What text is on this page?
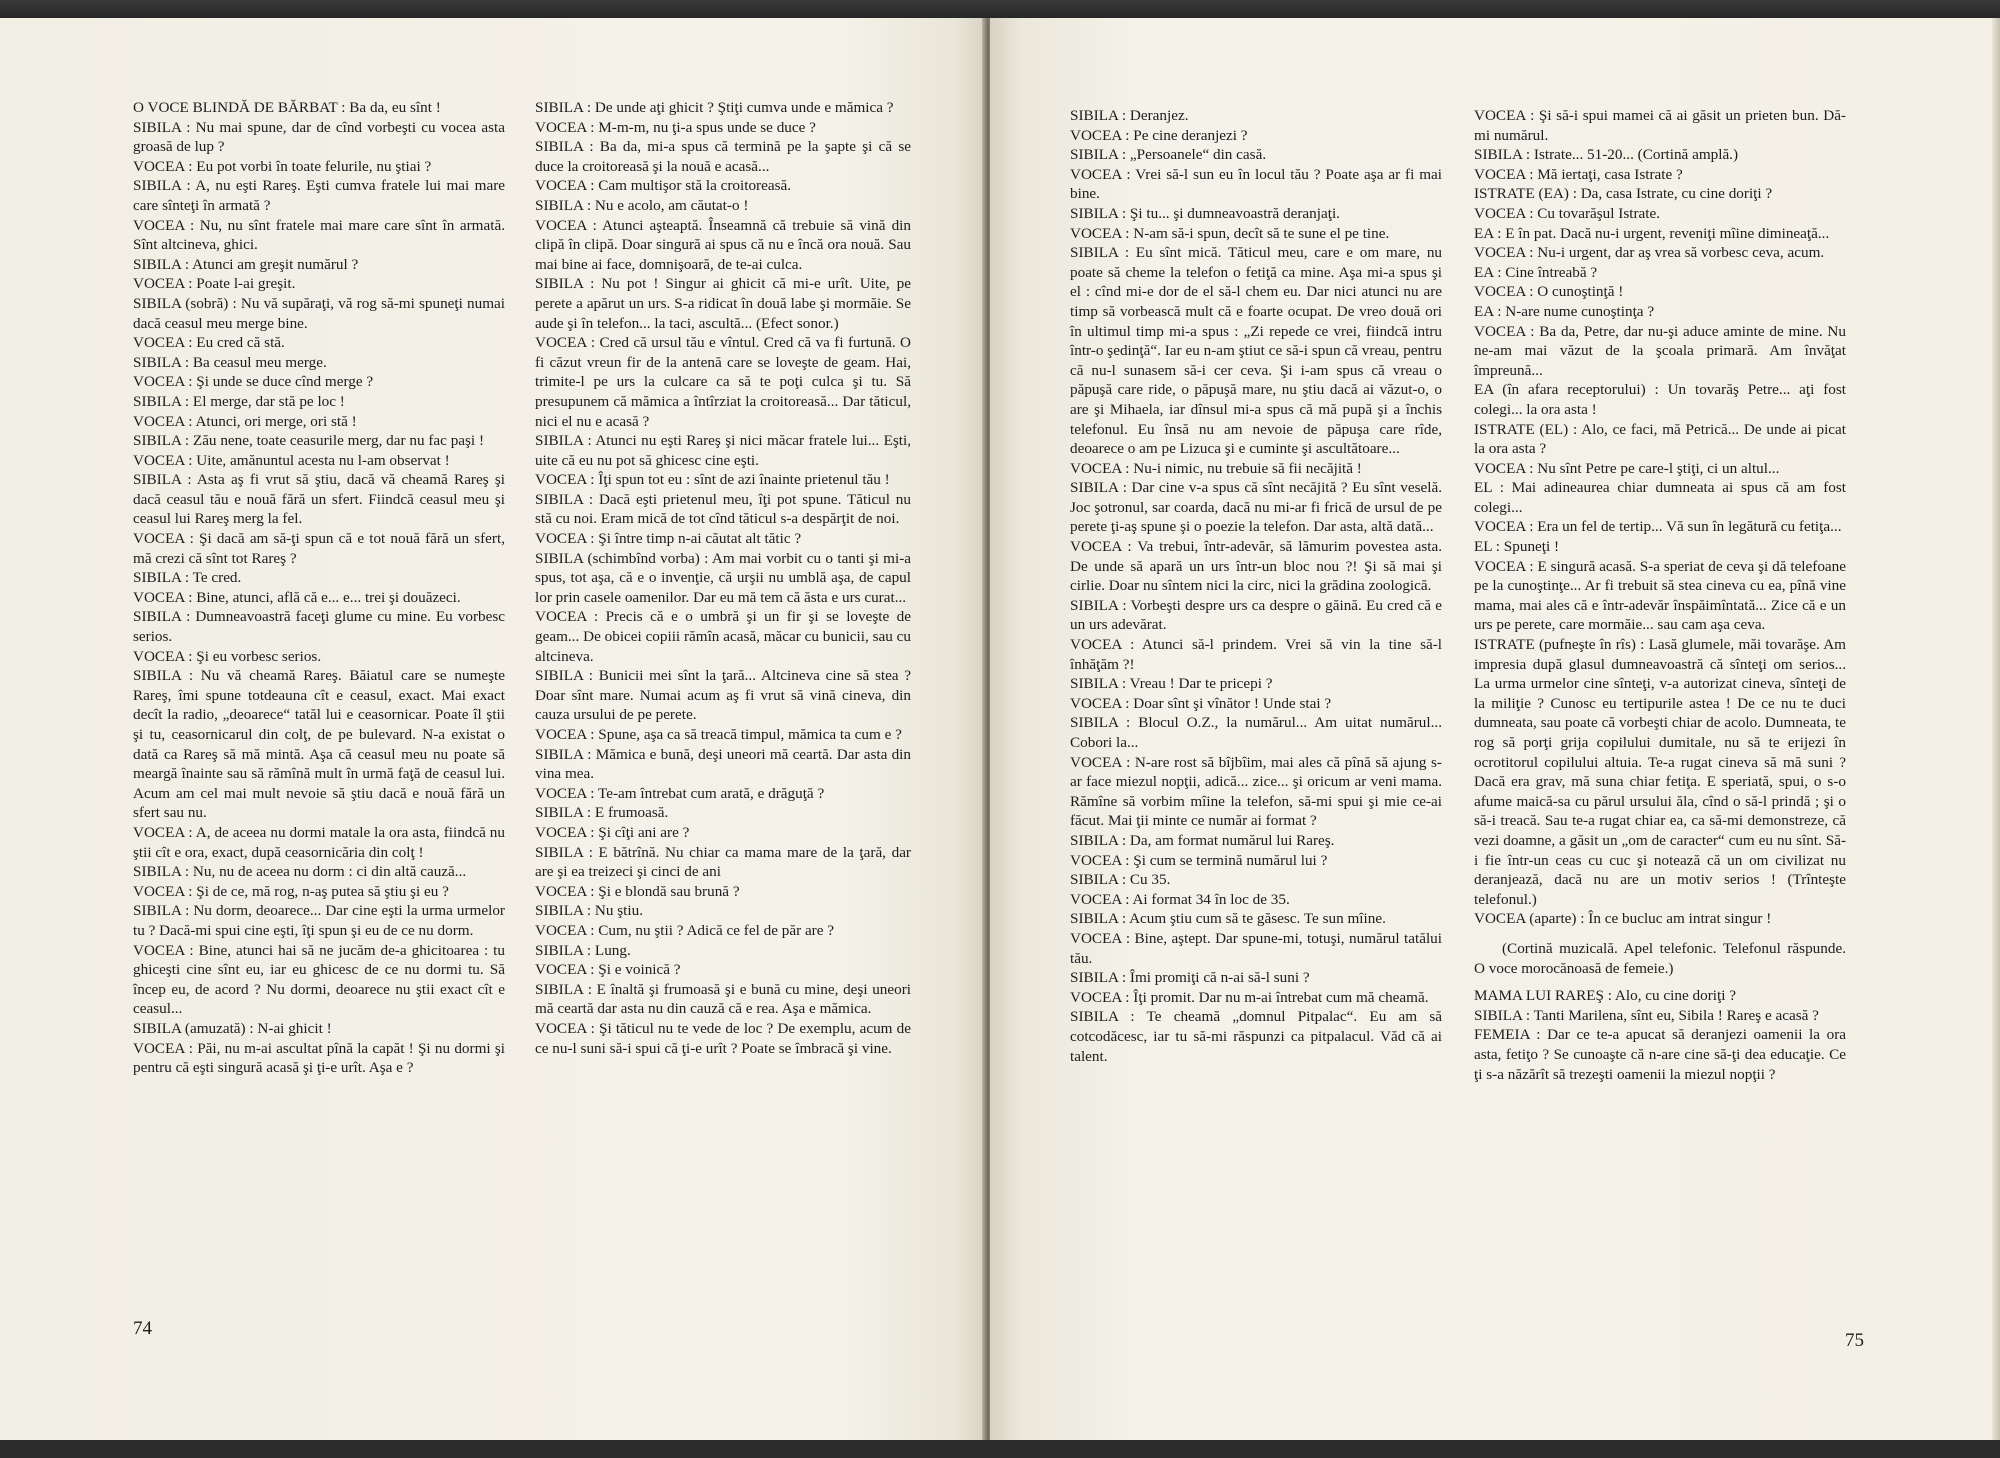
O VOCE BLINDĂ DE BĂRBAT : Ba da, eu sînt !

SIBILA : Nu mai spune, dar de cînd vorbeşti cu vocea asta groasă de lup ?

VOCEA : Eu pot vorbi în toate felurile, nu ştiai ?

SIBILA : A, nu eşti Rareş. Eşti cumva fratele lui mai mare care sînteţi în armată ?

VOCEA : Nu, nu sînt fratele mai mare care sînt în armată. Sînt altcineva, ghici.

SIBILA : Atunci am greşit numărul ?

VOCEA : Poate l-ai greşit.

SIBILA (sobră) : Nu vă supăraţi, vă rog să-mi spuneţi numai dacă ceasul meu merge bine.

VOCEA : Eu cred că stă.

SIBILA : Ba ceasul meu merge.

VOCEA : Şi unde se duce cînd merge ?

SIBILA : El merge, dar stă pe loc !

VOCEA : Atunci, ori merge, ori stă !

SIBILA : Zău nene, toate ceasurile merg, dar nu fac paşi !

VOCEA : Uite, amănuntul acesta nu l-am observat !

SIBILA : Asta aş fi vrut să ştiu, dacă vă cheamă Rareş şi dacă ceasul tău e nouă fără un sfert. Fiindcă ceasul meu şi ceasul lui Rareş merg la fel.

VOCEA : Şi dacă am să-ţi spun că e tot nouă fără un sfert, mă crezi că sînt tot Rareş ?

SIBILA : Te cred.

VOCEA : Bine, atunci, află că e... e... trei şi douăzeci.

SIBILA : Dumneavoastră faceţi glume cu mine. Eu vorbesc serios.

VOCEA : Şi eu vorbesc serios.

SIBILA : Nu vă cheamă Rareş. Băiatul care se numeşte Rareş, îmi spune totdeauna cît e ceasul, exact. Mai exact decît la radio, „deoarece“ tatăl lui e ceasornicar. Poate îl ştii şi tu, ceasornicarul din colţ, de pe bulevard. N-a existat o dată ca Rareş să mă mintă. Aşa că ceasul meu nu poate să meargă înainte sau să rămînă mult în urmă faţă de ceasul lui. Acum am cel mai mult nevoie să ştiu dacă e nouă fără un sfert sau nu.

VOCEA : A, de aceea nu dormi matale la ora asta, fiindcă nu ştii cît e ora, exact, după ceasornicăria din colţ !

SIBILA : Nu, nu de aceea nu dorm : ci din altă cauză...

VOCEA : Şi de ce, mă rog, n-aş putea să ştiu şi eu ?

SIBILA : Nu dorm, deoarece... Dar cine eşti la urma urmelor tu ? Dacă-mi spui cine eşti, îţi spun şi eu de ce nu dorm.

VOCEA : Bine, atunci hai să ne jucăm de-a ghicitoarea : tu ghiceşti cine sînt eu, iar eu ghicesc de ce nu dormi tu. Să încep eu, de acord ? Nu dormi, deoarece nu ştii exact cît e ceasul...

SIBILA (amuzată) : N-ai ghicit !

VOCEA : Păi, nu m-ai ascultat pînă la capăt ! Şi nu dormi şi pentru că eşti singură acasă şi ţi-e urît. Aşa e ?

SIBILA : De unde aţi ghicit ? Ştiţi cumva unde e mămica ?

VOCEA : M-m-m, nu ţi-a spus unde se duce ?

SIBILA : Ba da, mi-a spus că termină pe la şapte şi că se duce la croitoreasă şi la nouă e acasă...

VOCEA : Cam multişor stă la croitoreasă.

SIBILA : Nu e acolo, am căutat-o !

VOCEA : Atunci aşteaptă. Înseamnă că trebuie să vină din clipă în clipă. Doar singură ai spus că nu e încă ora nouă. Sau mai bine ai face, domnişoară, de te-ai culca.

SIBILA : Nu pot ! Singur ai ghicit că mi-e urît. Uite, pe perete a apărut un urs. S-a ridicat în două labe şi mormăie. Se aude şi în telefon... la taci, ascultă... (Efect sonor.)

VOCEA : Cred că ursul tău e vîntul. Cred că va fi furtună. O fi căzut vreun fir de la antenă care se loveşte de geam. Hai, trimite-l pe urs la culcare ca să te poţi culca şi tu. Să presupunem că mămica a întîrziat la croitoreasă... Dar tăticul, nici el nu e acasă ?

SIBILA : Atunci nu eşti Rareş şi nici măcar fratele lui... Eşti, uite că eu nu pot să ghicesc cine eşti.

VOCEA : Îţi spun tot eu : sînt de azi înainte prietenul tău !

SIBILA : Dacă eşti prietenul meu, îţi pot spune. Tăticul nu stă cu noi. Eram mică de tot cînd tăticul s-a despărţit de noi.

VOCEA : Şi între timp n-ai căutat alt tătic ?

SIBILA (schimbînd vorba) : Am mai vorbit cu o tanti şi mi-a spus, tot aşa, că e o invenţie, că urşii nu umblă aşa, de capul lor prin casele oamenilor. Dar eu mă tem că ăsta e urs curat...

VOCEA : Precis că e o umbră şi un fir şi se loveşte de geam... De obicei copiii rămîn acasă, măcar cu bunicii, sau cu altcineva.

SIBILA : Bunicii mei sînt la ţară... Altcineva cine să stea ? Doar sînt mare. Numai acum aş fi vrut să vină cineva, din cauza ursului de pe perete.

VOCEA : Spune, aşa ca să treacă timpul, mămica ta cum e ?

SIBILA : Mămica e bună, deşi uneori mă ceartă. Dar asta din vina mea.

VOCEA : Te-am întrebat cum arată, e drăguţă ?

SIBILA : E frumoasă.

VOCEA : Şi cîţi ani are ?

SIBILA : E bătrînă. Nu chiar ca mama mare de la ţară, dar are şi ea treizeci şi cinci de ani

VOCEA : Şi e blondă sau brună ?

SIBILA : Nu ştiu.

VOCEA : Cum, nu ştii ? Adică ce fel de păr are ?

SIBILA : Lung.

VOCEA : Şi e voinică ?

SIBILA : E înaltă şi frumoasă şi e bună cu mine, deşi uneori mă ceartă dar asta nu din cauză că e rea. Aşa e mămica.

VOCEA : Şi tăticul nu te vede de loc ? De exemplu, acum de ce nu-l suni să-i spui că ţi-e urît ? Poate se îmbracă şi vine.

74

SIBILA : Deranjez.

VOCEA : Pe cine deranjezi ?

SIBILA : „Persoanele“ din casă.

VOCEA : Vrei să-l sun eu în locul tău ? Poate aşa ar fi mai bine.

SIBILA : Şi tu... şi dumneavoastră deranjaţi.

VOCEA : N-am să-i spun, decît să te sune el pe tine.

SIBILA : Eu sînt mică. Tăticul meu, care e om mare, nu poate să cheme la telefon o fetiţă ca mine. Aşa mi-a spus şi el : cînd mi-e dor de el să-l chem eu. Dar nici atunci nu are timp să vorbească mult că e foarte ocupat. De vreo două ori în ultimul timp mi-a spus : „Zi repede ce vrei, fiindcă intru într-o şedinţă“. Iar eu n-am ştiut ce să-i spun că vreau, pentru că nu-l sunasem să-i cer ceva. Şi i-am spus că vreau o păpuşă care ride, o păpuşă mare, nu ştiu dacă ai văzut-o, o are şi Mihaela, iar dînsul mi-a spus că mă pupă şi a închis telefonul. Eu însă nu am nevoie de păpuşa care rîde, deoarece o am pe Lizuca şi e cuminte şi ascultătoare...

VOCEA : Nu-i nimic, nu trebuie să fii necăjită !

SIBILA : Dar cine v-a spus că sînt necăjită ? Eu sînt veselă. Joc şotronul, sar coarda, dacă nu mi-ar fi frică de ursul de pe perete ţi-aş spune şi o poezie la telefon. Dar asta, altă dată...

VOCEA : Va trebui, într-adevăr, să lămurim povestea asta. De unde să apară un urs într-un bloc nou ?! Şi să mai şi cirlie. Doar nu sîntem nici la circ, nici la grădina zoologică.

SIBILA : Vorbeşti despre urs ca despre o găină. Eu cred că e un urs adevărat.

VOCEA : Atunci să-l prindem. Vrei să vin la tine să-l înhăţăm ?!

SIBILA : Vreau ! Dar te pricepi ?

VOCEA : Doar sînt şi vînător ! Unde stai ?

SIBILA : Blocul O.Z., la numărul... Am uitat numărul... Cobori la...

VOCEA : N-are rost să bîjbîim, mai ales că pînă să ajung s-ar face miezul nopţii, adică... zice... şi oricum ar veni mama. Rămîne să vorbim mîine la telefon, să-mi spui şi mie ce-ai făcut. Mai ţii minte ce număr ai format ?

SIBILA : Da, am format numărul lui Rareş.

VOCEA : Şi cum se termină numărul lui ?

SIBILA : Cu 35.

VOCEA : Ai format 34 în loc de 35.

SIBILA : Acum ştiu cum să te găsesc. Te sun mîine.

VOCEA : Bine, aştept. Dar spune-mi, totuşi, numărul tatălui tău.

SIBILA : Îmi promiţi că n-ai să-l suni ?

VOCEA : Îţi promit. Dar nu m-ai întrebat cum mă cheamă.

SIBILA : Te cheamă „domnul Pitpalac“. Eu am să cotcodăcesc, iar tu să-mi răspunzi ca pitpalacul. Văd că ai talent.

VOCEA : Şi să-i spui mamei că ai găsit un prieten bun. Dă-mi numărul.

SIBILA : Istrate... 51-20... (Cortină amplă.)

VOCEA : Mă iertaţi, casa Istrate ?

ISTRATE (EA) : Da, casa Istrate, cu cine doriţi ?

VOCEA : Cu tovarăşul Istrate.

EA : E în pat. Dacă nu-i urgent, reveniţi mîine dimineaţă...

VOCEA : Nu-i urgent, dar aş vrea să vorbesc ceva, acum.

EA : Cine întreabă ?

VOCEA : O cunoştinţă !

EA : N-are nume cunoştinţa ?

VOCEA : Ba da, Petre, dar nu-şi aduce aminte de mine. Nu ne-am mai văzut de la şcoala primară. Am învăţat împreună...

EA (în afara receptorului) : Un tovarăş Petre... aţi fost colegi... la ora asta !

ISTRATE (EL) : Alo, ce faci, mă Petrică... De unde ai picat la ora asta ?

VOCEA : Nu sînt Petre pe care-l ştiţi, ci un altul...

EL : Mai adineaurea chiar dumneata ai spus că am fost colegi...

VOCEA : Era un fel de tertip... Vă sun în legătură cu fetiţa...

EL : Spuneţi !

VOCEA : E singură acasă. S-a speriat de ceva şi dă telefoane pe la cunoştinţe... Ar fi trebuit să stea cineva cu ea, pînă vine mama, mai ales că e într-adevăr înspăimîntată... Zice că e un urs pe perete, care mormăie... sau cam aşa ceva.

ISTRATE (pufneşte în rîs) : Lasă glumele, măi tovarăşe. Am impresia după glasul dumneavoastră că sînteţi om serios... La urma urmelor cine sînteţi, v-a autorizat cineva, sînteţi de la miliţie ? Cunosc eu tertipurile astea ! De ce nu te duci dumneata, sau poate că vorbeşti chiar de acolo. Dumneata, te rog să porţi grija copilului dumitale, nu să te erijezi în ocrotitorul copilului altuia. Te-a rugat cineva să mă suni ? Dacă era grav, mă suna chiar fetiţa. E speriată, spui, o s-o afume maică-sa cu părul ursului ăla, cînd o să-l prindă ; şi o să-i treacă. Sau te-a rugat chiar ea, ca să-mi demonstreze, că vezi doamne, a găsit un „om de caracter“ cum eu nu sînt. Să-i fie într-un ceas cu cuc şi notează că un om civilizat nu deranjează, dacă nu are un motiv serios ! (Trînteşte telefonul.)

VOCEA (aparte) : În ce bucluc am intrat singur !

(Cortină muzicală. Apel telefonic. Telefonul răspunde. O voce morocănoasă de femeie.)

MAMA LUI RAREŞ : Alo, cu cine doriţi ?

SIBILA : Tanti Marilena, sînt eu, Sibila ! Rareş e acasă ?

FEMEIA : Dar ce te-a apucat să deranjezi oamenii la ora asta, fetiţo ? Se cunoaşte că n-are cine să-ţi dea educaţie. Ce ţi s-a năzărît să trezeşti oamenii la miezul nopţii ?

75
